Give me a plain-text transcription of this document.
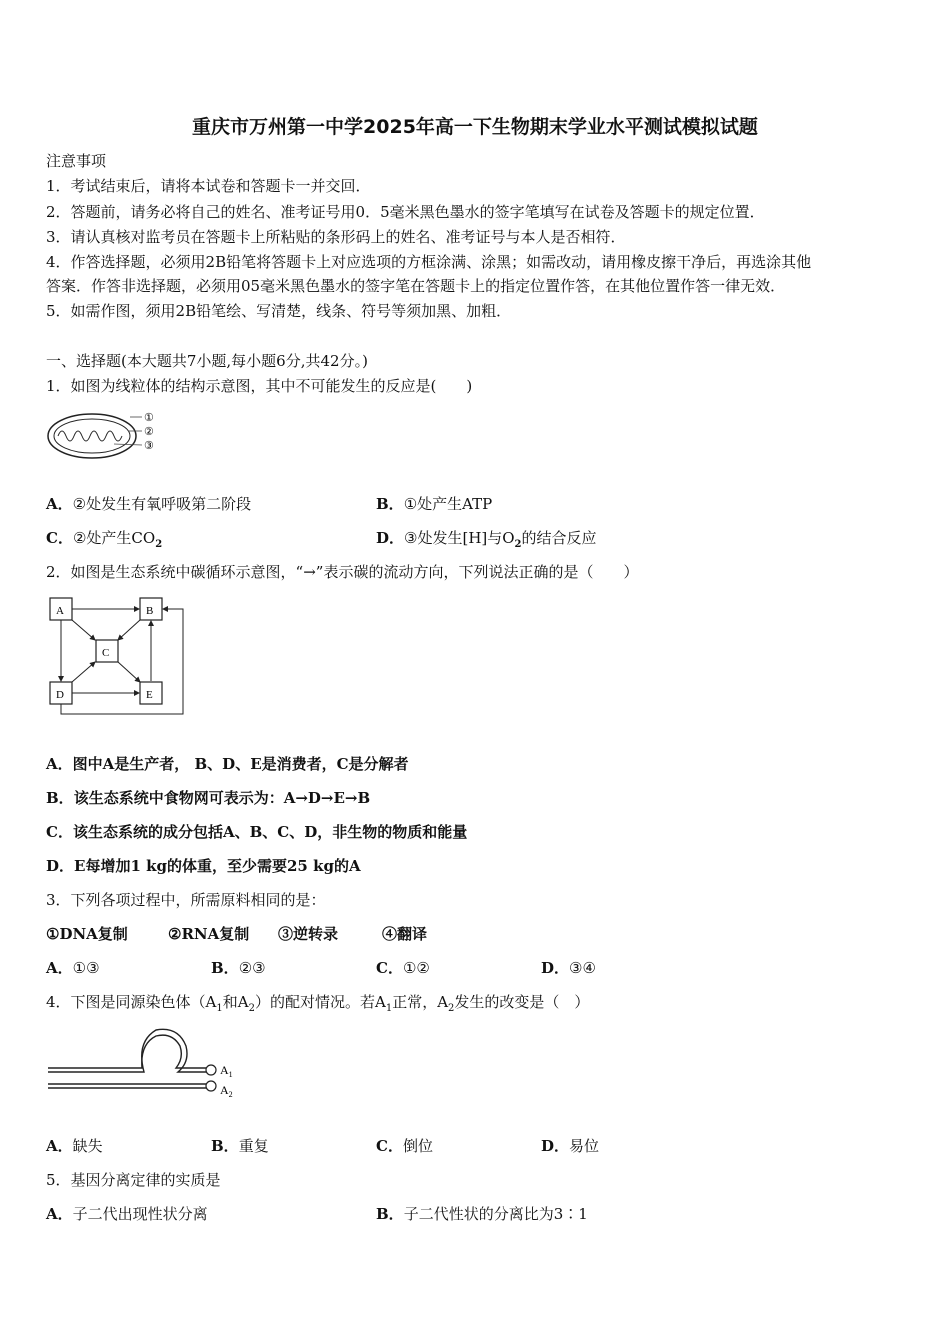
重庆市万州第一中学2025年高一下生物期末学业水平测试模拟试题
注意事项
1．考试结束后，请将本试卷和答题卡一并交回．
2．答题前，请务必将自己的姓名、准考证号用0．5毫米黑色墨水的签字笔填写在试卷及答题卡的规定位置．
3．请认真核对监考员在答题卡上所粘贴的条形码上的姓名、准考证号与本人是否相符．
4．作答选择题，必须用2B铅笔将答题卡上对应选项的方框涂满、涂黑；如需改动，请用橡皮擦干净后，再选涂其他
答案．作答非选择题，必须用05毫米黑色墨水的签字笔在答题卡上的指定位置作答，在其他位置作答一律无效．
5．如需作图，须用2B铅笔绘、写清楚，线条、符号等须加黑、加粗．
一、选择题(本大题共7小题,每小题6分,共42分。)
1．如图为线粒体的结构示意图，其中不可能发生的反应是(　　)
①
②
③
A．②处发生有氧呼吸第二阶段	B．①处产生ATP
C．②处产生$CO_2$	D．③处发生[H]与$O_2$的结合反应
2．如图是生态系统中碳循环示意图，“→”表示碳的流动方向，下列说法正确的是（　　）
A	B
C
D	E
A．图中A是生产者， B、D、E是消费者，C是分解者
B．该生态系统中食物网可表示为：A→D→E→B
C．该生态系统的成分包括A、B、C、D，非生物的物质和能量
D．E每增加1 kg的体重，至少需要25 kg的A
3．下列各项过程中，所需原料相同的是：
①DNA复制	②RNA复制 ③逆转录	④翻译
A．①③	B．②③	C．①②	D．③④
4．下图是同源染色体（$A_1$和$A_2$）的配对情况。若$A_1$正常，$A_2$发生的改变是（　）
$A_1$
$A_2$
A．缺失	B．重复	C．倒位	D．易位
5．基因分离定律的实质是
A．子二代出现性状分离	B．子二代性状的分离比为3∶1
